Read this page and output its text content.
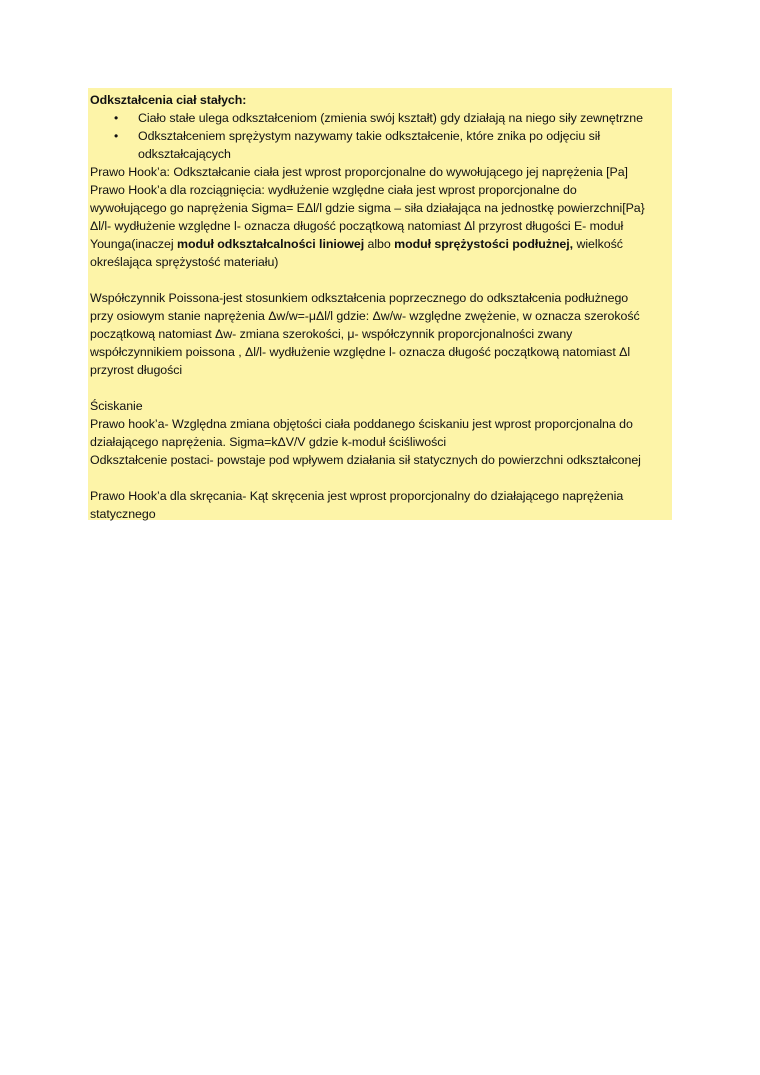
Odkształcenia ciał stałych:
• Ciało stałe ulega odkształceniom (zmienia swój kształt) gdy działają na niego siły zewnętrzne
• Odkształceniem sprężystym nazywamy takie odkształcenie, które znika po odjęciu sił
odkształcających
Prawo Hook’a: Odkształcanie ciała jest wprost proporcjonalne do wywołującego jej naprężenia [Pa]
Prawo Hook’a dla rozciągnięcia: wydłużenie względne ciała jest wprost proporcjonalne do
wywołującego go naprężenia Sigma= EΔl/l gdzie sigma – siła działająca na jednostkę powierzchni[Pa}
Δl/l- wydłużenie względne l- oznacza długość początkową natomiast Δl przyrost długości E- moduł
Younga(inaczej moduł odkształcalności liniowej albo moduł sprężystości podłużnej, wielkość
określająca sprężystość materiału)
Współczynnik Poissona-jest stosunkiem odkształcenia poprzecznego do odkształcenia podłużnego
przy osiowym stanie naprężenia Δw/w=-μΔl/l gdzie: Δw/w- względne zwężenie, w oznacza szerokość
początkową natomiast Δw- zmiana szerokości, μ- współczynnik proporcjonalności zwany
współczynnikiem poissona , Δl/l- wydłużenie względne l- oznacza długość początkową natomiast Δl
przyrost długości
Ściskanie
Prawo hook’a- Względna zmiana objętości ciała poddanego ściskaniu jest wprost proporcjonalna do
działającego naprężenia. Sigma=kΔV/V gdzie k-moduł ściśliwości
Odkształcenie postaci- powstaje pod wpływem działania sił statycznych do powierzchni odkształconej
Prawo Hook’a dla skręcania- Kąt skręcenia jest wprost proporcjonalny do działającego naprężenia
statycznego
